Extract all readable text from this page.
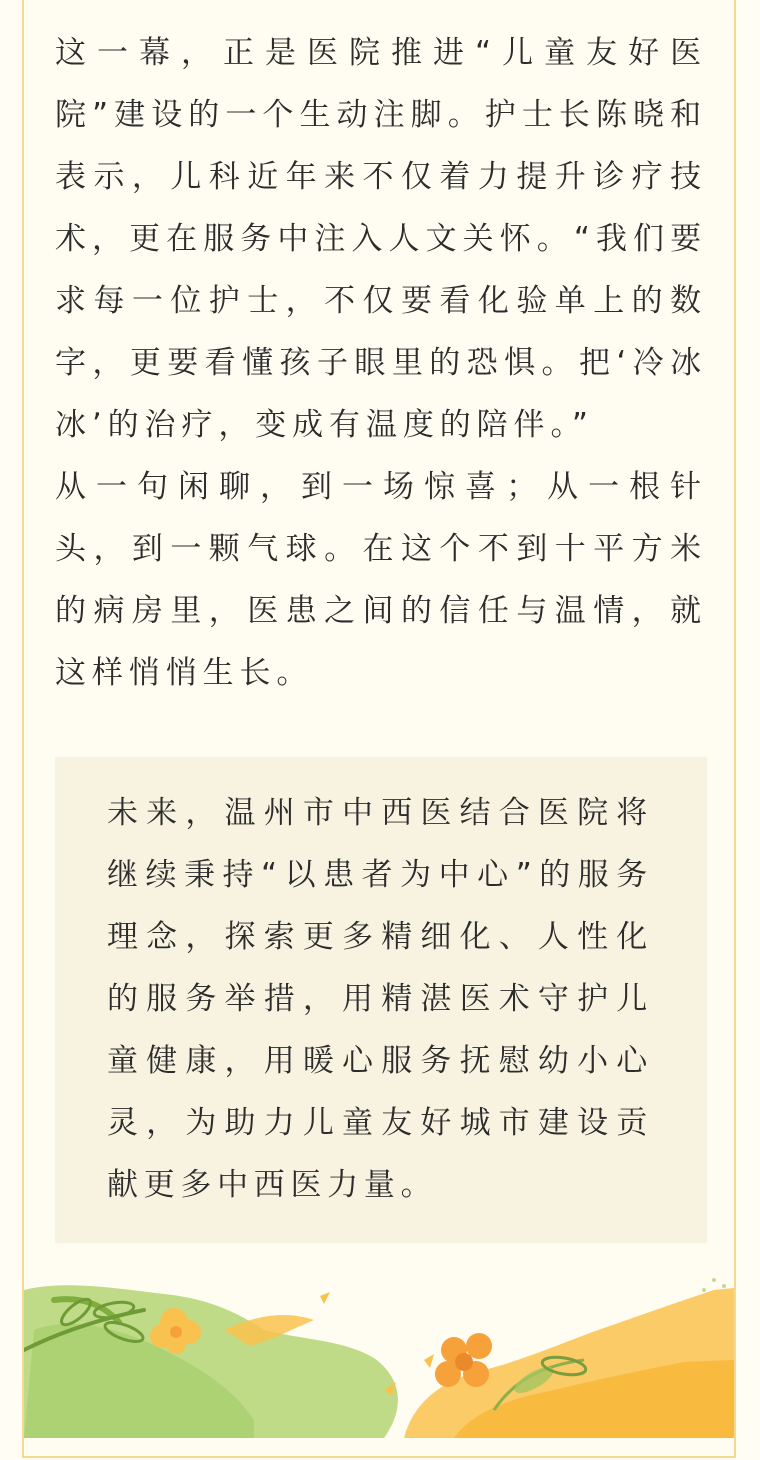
这一幕，正是医院推进“儿童友好医院”建设的一个生动注脚。护士长陈晓和表示，儿科近年来不仅着力提升诊疗技术，更在服务中注入人文关怀。“我们要求每一位护士，不仅要看化验单上的数字，更要看懂孩子眼里的恐惧。把‘冷冰冰’的治疗，变成有温度的陪伴。”

从一句闲聊，到一场惊喜；从一根针头，到一颗气球。在这个不到十平方米的病房里，医患之间的信任与温情，就这样悄悄生长。

未来，温州市中西医结合医院将继续秉持“以患者为中心”的服务理念，探索更多精细化、人性化的服务举措，用精湛医术守护儿童健康，用暖心服务抚慰幼小心灵，为助力儿童友好城市建设贡献更多中西医力量。
